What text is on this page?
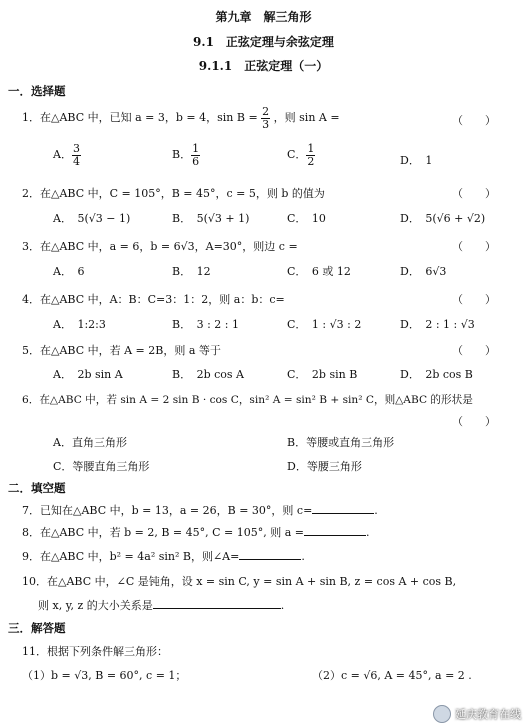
第九章　解三角形
9.1　正弦定理与余弦定理
9.1.1　正弦定理（一）
一．选择题
1．在△ABC 中，已知 a = 3，b = 4，$\sin B = \frac{2}{3}$ ，则 sin A =	（　　）
A． $\frac{3}{4}$	B． $\frac{1}{6}$	C． $\frac{1}{2}$	D．　1
2．在△ABC 中，C = 105°，B = 45°，c = 5，则 b 的值为	（　　）
A．　5(√3 − 1)	B．　5(√3 + 1)	C．　10	D．　5(√6 + √2)
3．在△ABC 中，a = 6，b = 6√3，A=30°，则边 c =	（　　）
A．　6	B．　12	C．　6 或 12	D．　6√3
4．在△ABC 中，A：B：C=3：1：2，则 a：b：c=	（　　）
A．　1:2:3	B．　3 : 2 : 1	C．　1 : √3 : 2	D．　2 : 1 : √3
5．在△ABC 中，若 A = 2B，则 a 等于	（　　）
A．　2b sin A	B．　2b cos A	C．　2b sin B	D．　2b cos B
6．在△ABC 中，若 sin A = 2 sin B · cos C，sin² A = sin² B + sin² C，则△ABC 的形状是
（　　）
A．直角三角形	B．等腰或直角三角形
C．等腰直角三角形	D．等腰三角形
二．填空题
7．已知在△ABC 中，b = 13，a = 26，B = 30°，则 c=	.
8．在△ABC 中，若 b = 2, B = 45°, C = 105°, 则 a =	.
9．在△ABC 中，b² = 4a² sin² B，则∠A=	.
10．在△ABC 中，∠C 是钝角，设 x = sin C, y = sin A + sin B, z = cos A + cos B,
则 x, y, z 的大小关系是	.
三．解答题
11．根据下列条件解三角形：
（1）b = √3, B = 60°, c = 1；	（2）c = √6, A = 45°, a = 2 .
延庆教育在线
